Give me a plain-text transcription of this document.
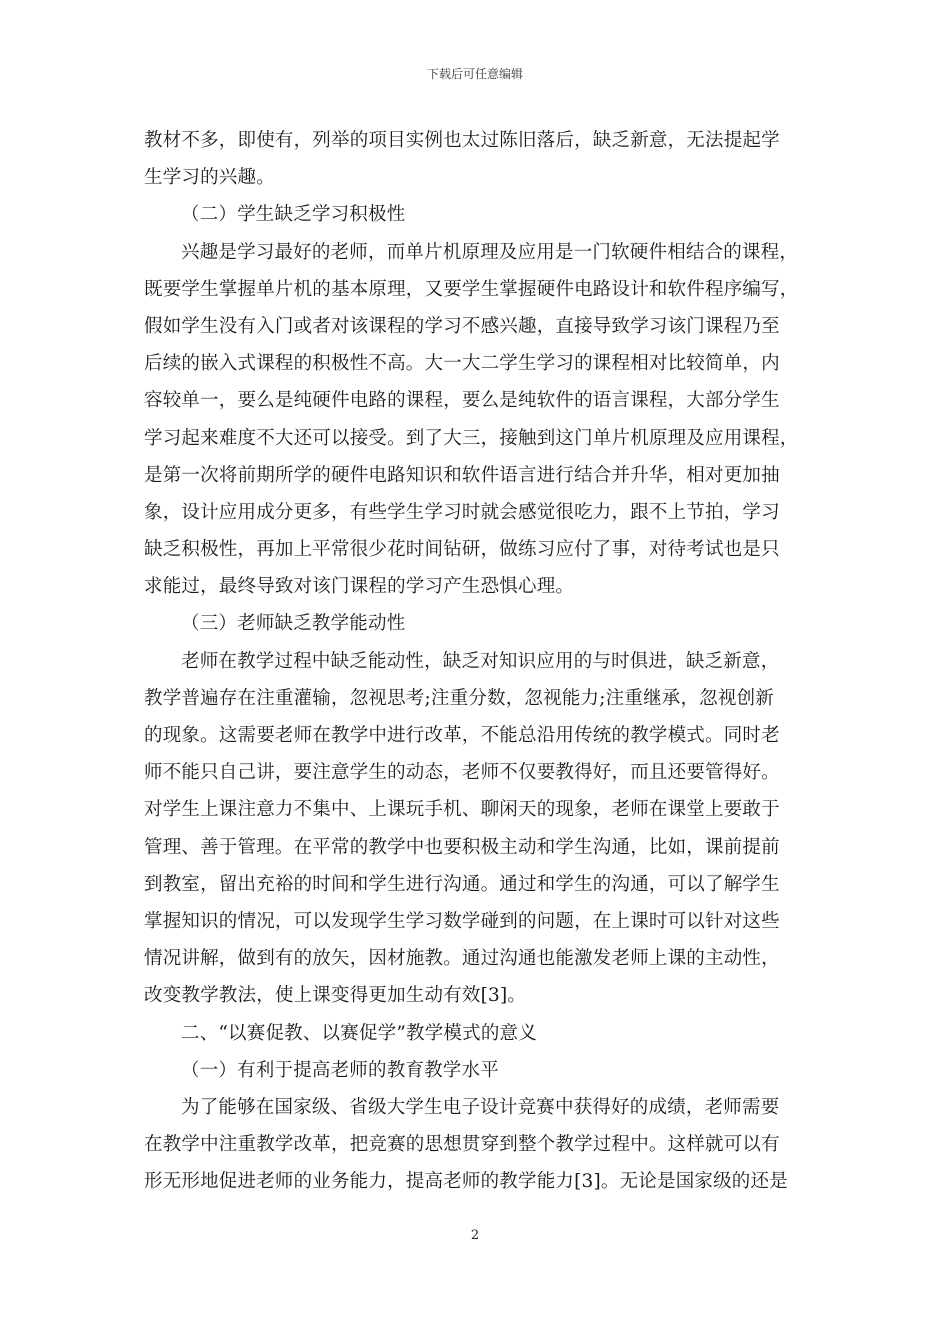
下载后可任意编辑
教材不多，即使有，列举的项目实例也太过陈旧落后，缺乏新意，无法提起学
生学习的兴趣。
（二）学生缺乏学习积极性
兴趣是学习最好的老师，而单片机原理及应用是一门软硬件相结合的课程，
既要学生掌握单片机的基本原理，又要学生掌握硬件电路设计和软件程序编写，
假如学生没有入门或者对该课程的学习不感兴趣，直接导致学习该门课程乃至
后续的嵌入式课程的积极性不高。大一大二学生学习的课程相对比较简单，内
容较单一，要么是纯硬件电路的课程，要么是纯软件的语言课程，大部分学生
学习起来难度不大还可以接受。到了大三，接触到这门单片机原理及应用课程，
是第一次将前期所学的硬件电路知识和软件语言进行结合并升华，相对更加抽
象，设计应用成分更多，有些学生学习时就会感觉很吃力，跟不上节拍，学习
缺乏积极性，再加上平常很少花时间钻研，做练习应付了事，对待考试也是只
求能过，最终导致对该门课程的学习产生恐惧心理。
（三）老师缺乏教学能动性
老师在教学过程中缺乏能动性，缺乏对知识应用的与时俱进，缺乏新意，
教学普遍存在注重灌输，忽视思考;注重分数，忽视能力;注重继承，忽视创新
的现象。这需要老师在教学中进行改革，不能总沿用传统的教学模式。同时老
师不能只自己讲，要注意学生的动态，老师不仅要教得好，而且还要管得好。
对学生上课注意力不集中、上课玩手机、聊闲天的现象，老师在课堂上要敢于
管理、善于管理。在平常的教学中也要积极主动和学生沟通，比如，课前提前
到教室，留出充裕的时间和学生进行沟通。通过和学生的沟通，可以了解学生
掌握知识的情况，可以发现学生学习数学碰到的问题，在上课时可以针对这些
情况讲解，做到有的放矢，因材施教。通过沟通也能激发老师上课的主动性，
改变教学教法，使上课变得更加生动有效[3]。
二、“以赛促教、以赛促学”教学模式的意义
（一）有利于提高老师的教育教学水平
为了能够在国家级、省级大学生电子设计竞赛中获得好的成绩，老师需要
在教学中注重教学改革，把竞赛的思想贯穿到整个教学过程中。这样就可以有
形无形地促进老师的业务能力，提高老师的教学能力[3]。无论是国家级的还是
2
